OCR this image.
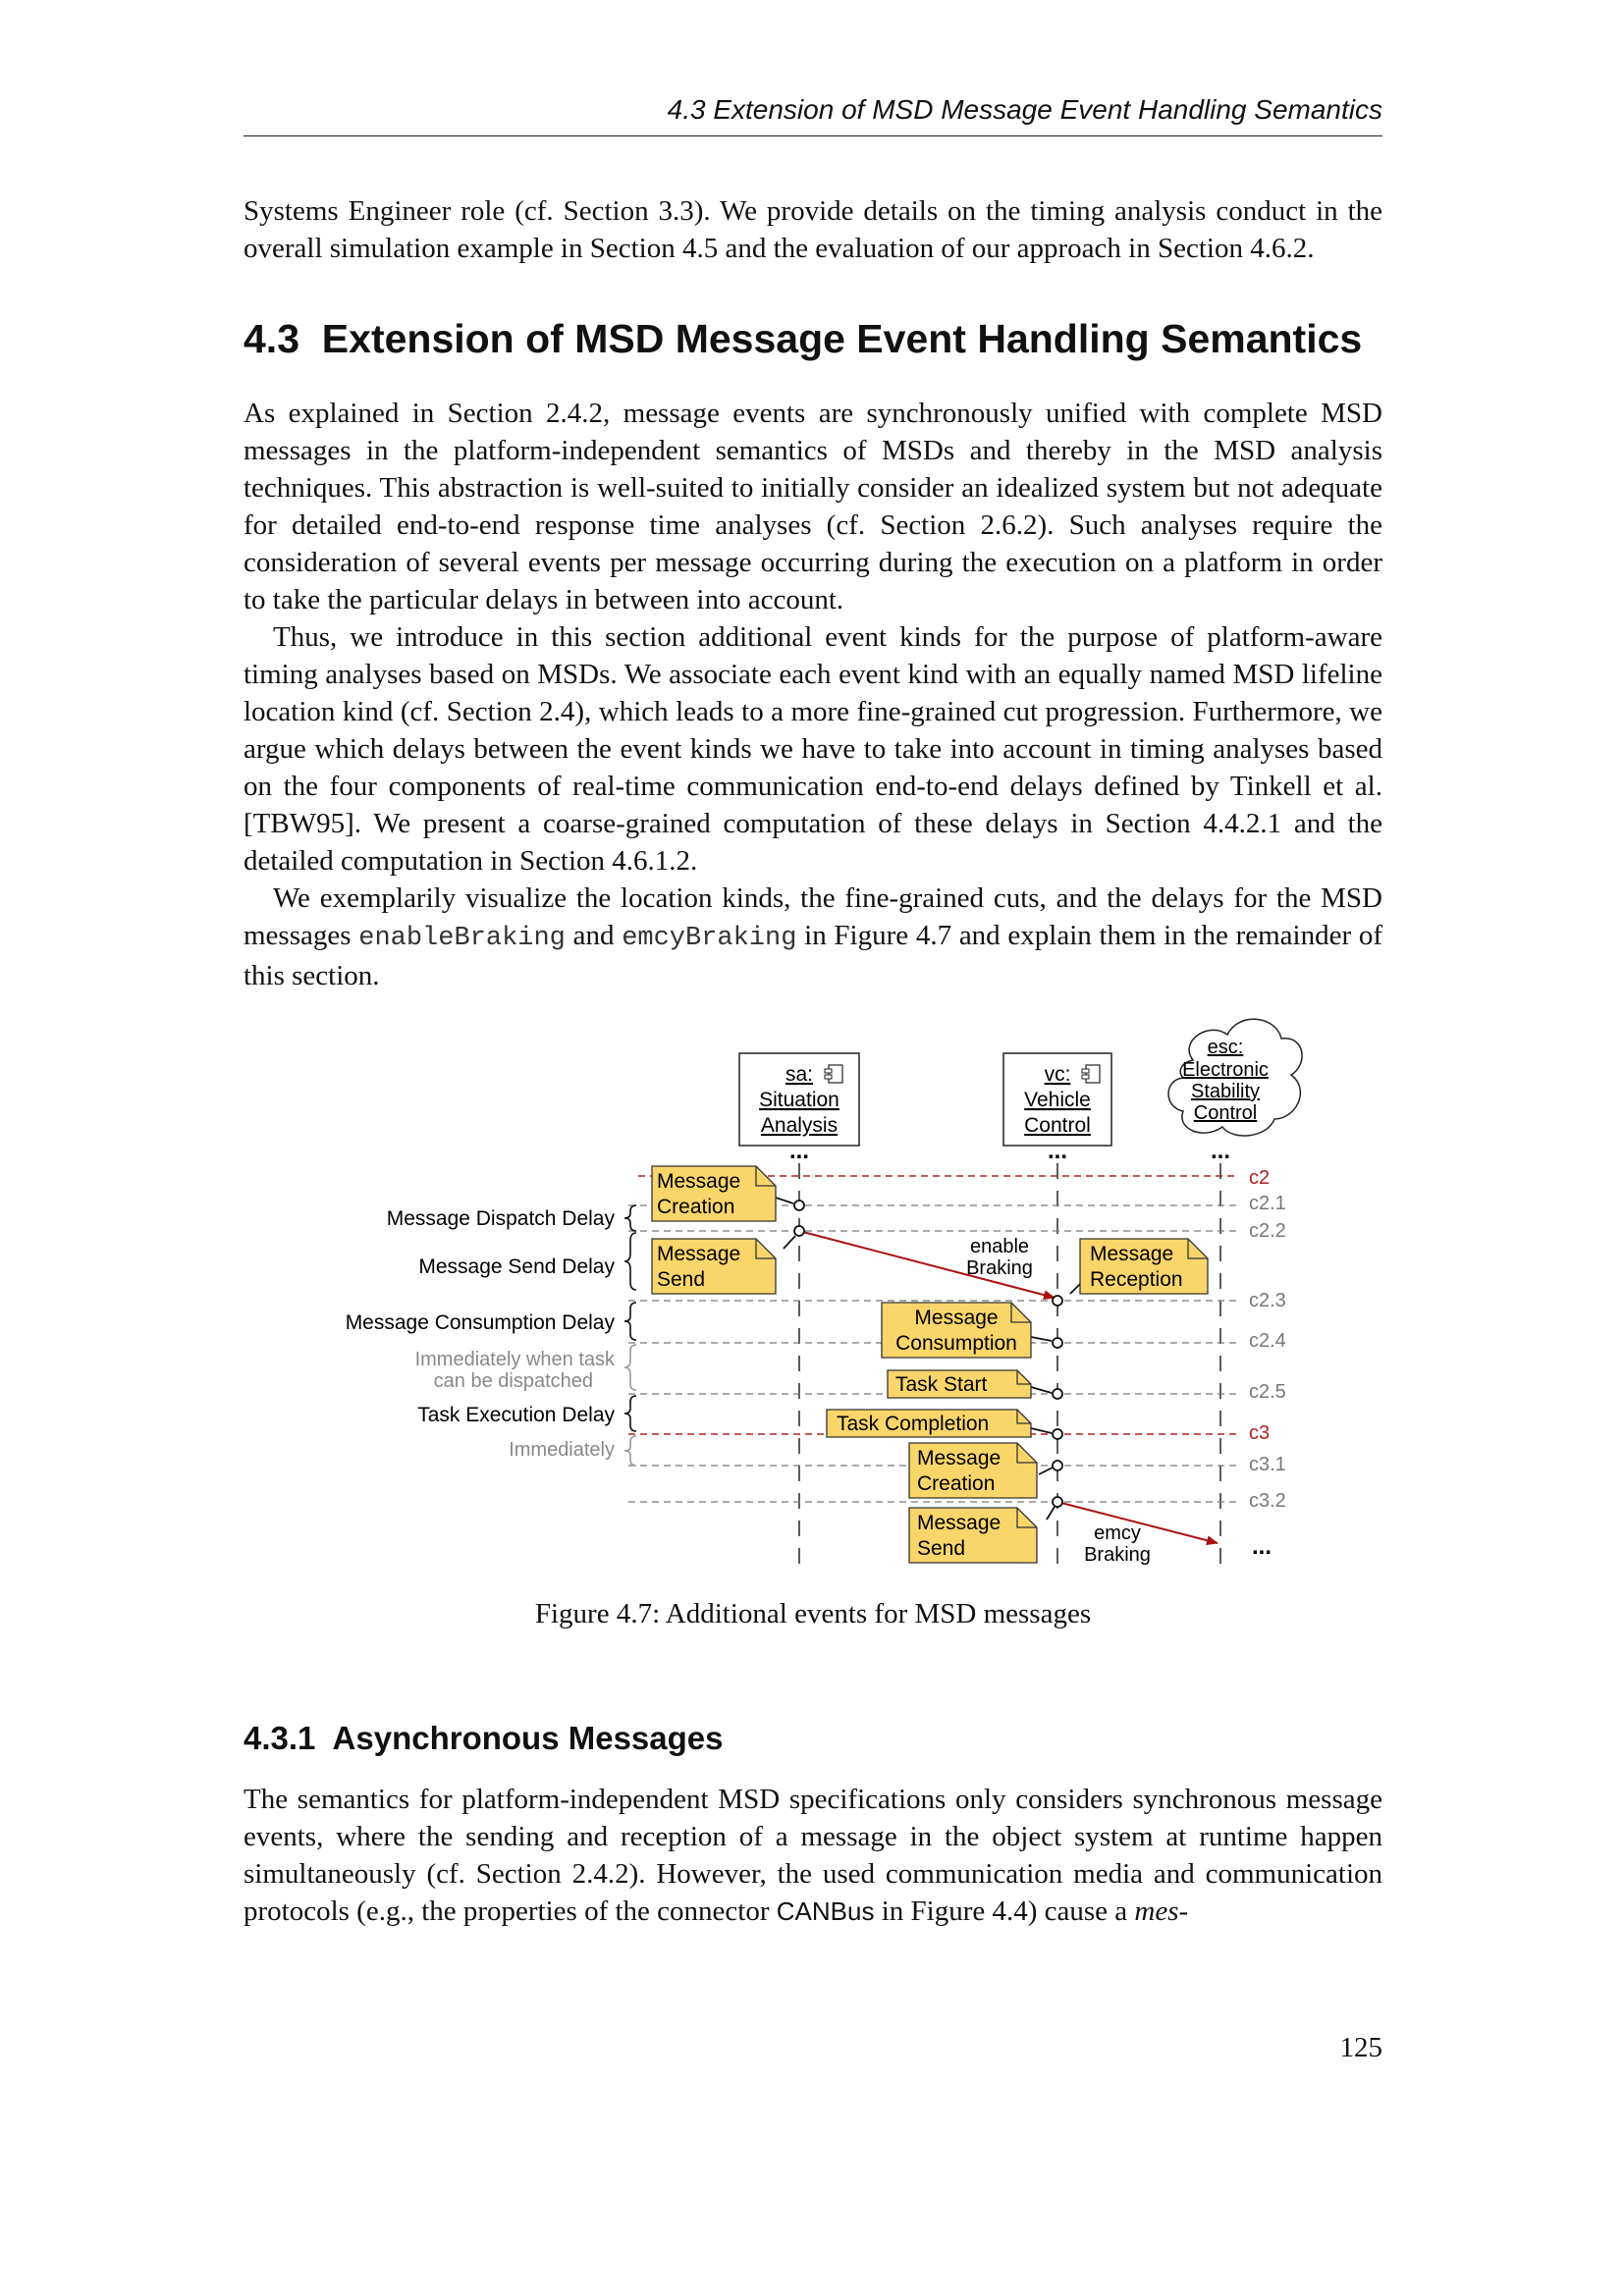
4.3 Extension of MSD Message Event Handling Semantics

Systems Engineer role (cf. Section 3.3). We provide details on the timing analysis conduct in the overall simulation example in Section 4.5 and the evaluation of our approach in Section 4.6.2.

4.3 Extension of MSD Message Event Handling Semantics

As explained in Section 2.4.2, message events are synchronously unified with complete MSD messages in the platform-independent semantics of MSDs and thereby in the MSD analysis techniques. This abstraction is well-suited to initially consider an idealized system but not adequate for detailed end-to-end response time analyses (cf. Section 2.6.2). Such analyses require the consideration of several events per message occurring during the execution on a platform in order to take the particular delays in between into account.

Thus, we introduce in this section additional event kinds for the purpose of platform-aware timing analyses based on MSDs. We associate each event kind with an equally named MSD lifeline location kind (cf. Section 2.4), which leads to a more fine-grained cut progression. Furthermore, we argue which delays between the event kinds we have to take into account in timing analyses based on the four components of real-time communication end-to-end delays defined by Tinkell et al. [TBW95]. We present a coarse-grained computation of these delays in Section 4.4.2.1 and the detailed computation in Section 4.6.1.2.

We exemplarily visualize the location kinds, the fine-grained cuts, and the delays for the MSD messages enableBraking and emcyBraking in Figure 4.7 and explain them in the remainder of this section.

sa:
Situation
Analysis
vc:
Vehicle
Control
esc:
Electronic
Stability
Control
...	...	...
c2
c2.1
c2.2
c2.3
c2.4
c2.5
c3
c3.1
c3.2
enable
Braking
emcy
Braking	...
Message
Creation
Message
Send
Message
Reception
Message
Consumption
Task Start
Task Completion
Message
Creation
Message
Send
Message Dispatch Delay
Message Send Delay
Message Consumption Delay
Immediately when task
can be dispatched
Task Execution Delay
Immediately
Figure 4.7: Additional events for MSD messages
4.3.1 Asynchronous Messages

The semantics for platform-independent MSD specifications only considers synchronous message events, where the sending and reception of a message in the object system at runtime happen simultaneously (cf. Section 2.4.2). However, the used communication media and communication protocols (e.g., the properties of the connector CANBus in Figure 4.4) cause a mes-

125
